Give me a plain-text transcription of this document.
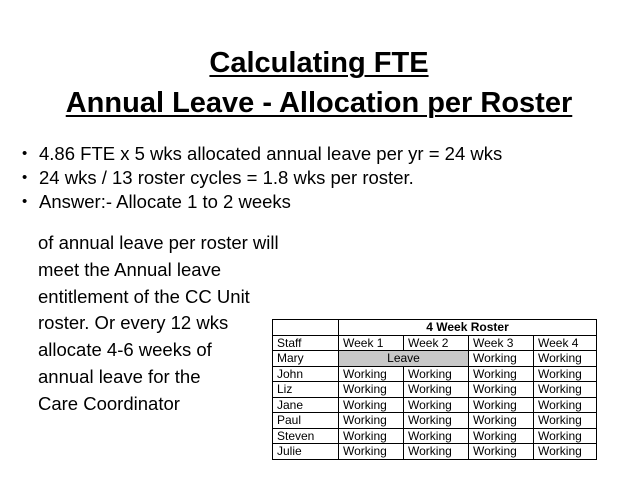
Calculating FTE
Annual Leave - Allocation per Roster
• 4.86 FTE x 5 wks allocated annual leave per yr = 24 wks
• 24 wks / 13 roster cycles = 1.8 wks per roster.
• Answer:- Allocate 1 to 2 weeks
of annual leave per roster will
meet the Annual leave
entitlement of the CC Unit
roster. Or every 12 wks
allocate 4-6 weeks of
annual leave for the
Care Coordinator
	4 Week Roster			
Staff	Week 1	Week 2	Week 3	Week 4
Mary	Leave		Working	Working
John	Working	Working	Working	Working
Liz	Working	Working	Working	Working
Jane	Working	Working	Working	Working
Paul	Working	Working	Working	Working
Steven	Working	Working	Working	Working
Julie	Working	Working	Working	Working
